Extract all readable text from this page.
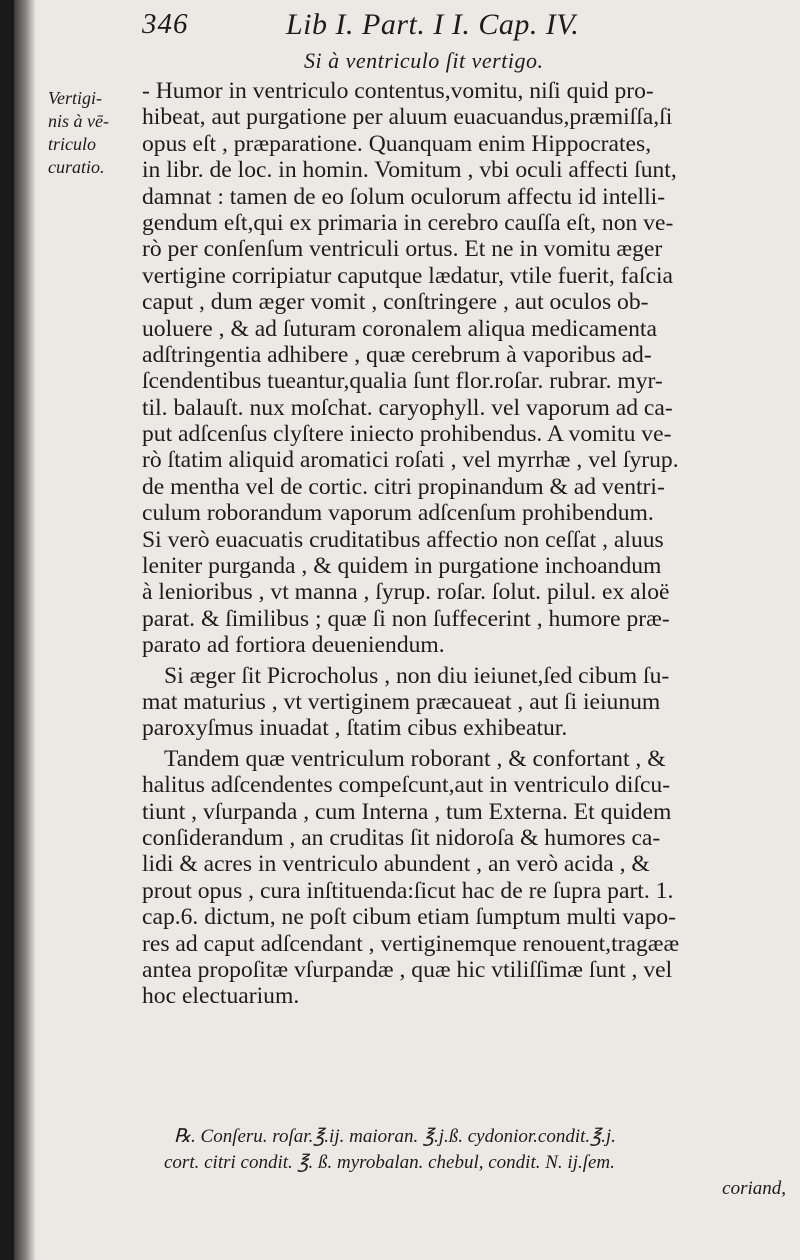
346	Lib I. Part. I I. Cap. IV.
Si à ventriculo ſit vertigo.
Vertigi-
nis à vē-
triculo
curatio.
- Humor in ventriculo contentus,vomitu, niſi quid pro-
hibeat, aut purgatione per aluum euacuandus,præmiſſa,ſi
opus eſt , præparatione. Quanquam enim Hippocrates,
in libr. de loc. in homin. Vomitum , vbi oculi affecti ſunt,
damnat : tamen de eo ſolum oculorum affectu id intelli-
gendum eſt,qui ex primaria in cerebro cauſſa eſt, non ve-
rò per conſenſum ventriculi ortus. Et ne in vomitu æger
vertigine corripiatur caputque lædatur, vtile fuerit, faſcia
caput , dum æger vomit , conſtringere , aut oculos ob-
uoluere , & ad ſuturam coronalem aliqua medicamenta
adſtringentia adhibere , quæ cerebrum à vaporibus ad-
ſcendentibus tueantur,qualia ſunt flor.roſar. rubrar. myr-
til. balauſt. nux moſchat. caryophyll. vel vaporum ad ca-
put adſcenſus clyſtere iniecto prohibendus. A vomitu ve-
rò ſtatim aliquid aromatici roſati , vel myrrhæ , vel ſyrup.
de mentha vel de cortic. citri propinandum & ad ventri-
culum roborandum vaporum adſcenſum prohibendum.
Si verò euacuatis cruditatibus affectio non ceſſat , aluus
leniter purganda , & quidem in purgatione inchoandum
à lenioribus , vt manna , ſyrup. roſar. ſolut. pilul. ex aloë
parat. & ſimilibus ; quæ ſi non ſuffecerint , humore præ-
parato ad fortiora deueniendum.
Si æger ſit Picrocholus , non diu ieiunet,ſed cibum ſu-
mat maturius , vt vertiginem præcaueat , aut ſi ieiunum
paroxyſmus inuadat , ſtatim cibus exhibeatur.
Tandem quæ ventriculum roborant , & confortant , &
halitus adſcendentes compeſcunt,aut in ventriculo diſcu-
tiunt , vſurpanda , cum Interna , tum Externa. Et quidem
conſiderandum , an cruditas ſit nidoroſa & humores ca-
lidi & acres in ventriculo abundent , an verò acida , &
prout opus , cura inſtituenda:ſicut hac de re ſupra part. 1.
cap.6. dictum, ne poſt cibum etiam ſumptum multi vapo-
res ad caput adſcendant , vertiginemque renouent,tragææ
antea propoſitæ vſurpandæ , quæ hic vtiliſſimæ ſunt , vel
hoc electuarium.
℞. Conſeru. roſar.℥.ij. maioran. ℥.j.ß. cydonior.condit.℥.j.
cort. citri condit. ℥. ß. myrobalan. chebul, condit. N. ij.ſem.
coriand,
